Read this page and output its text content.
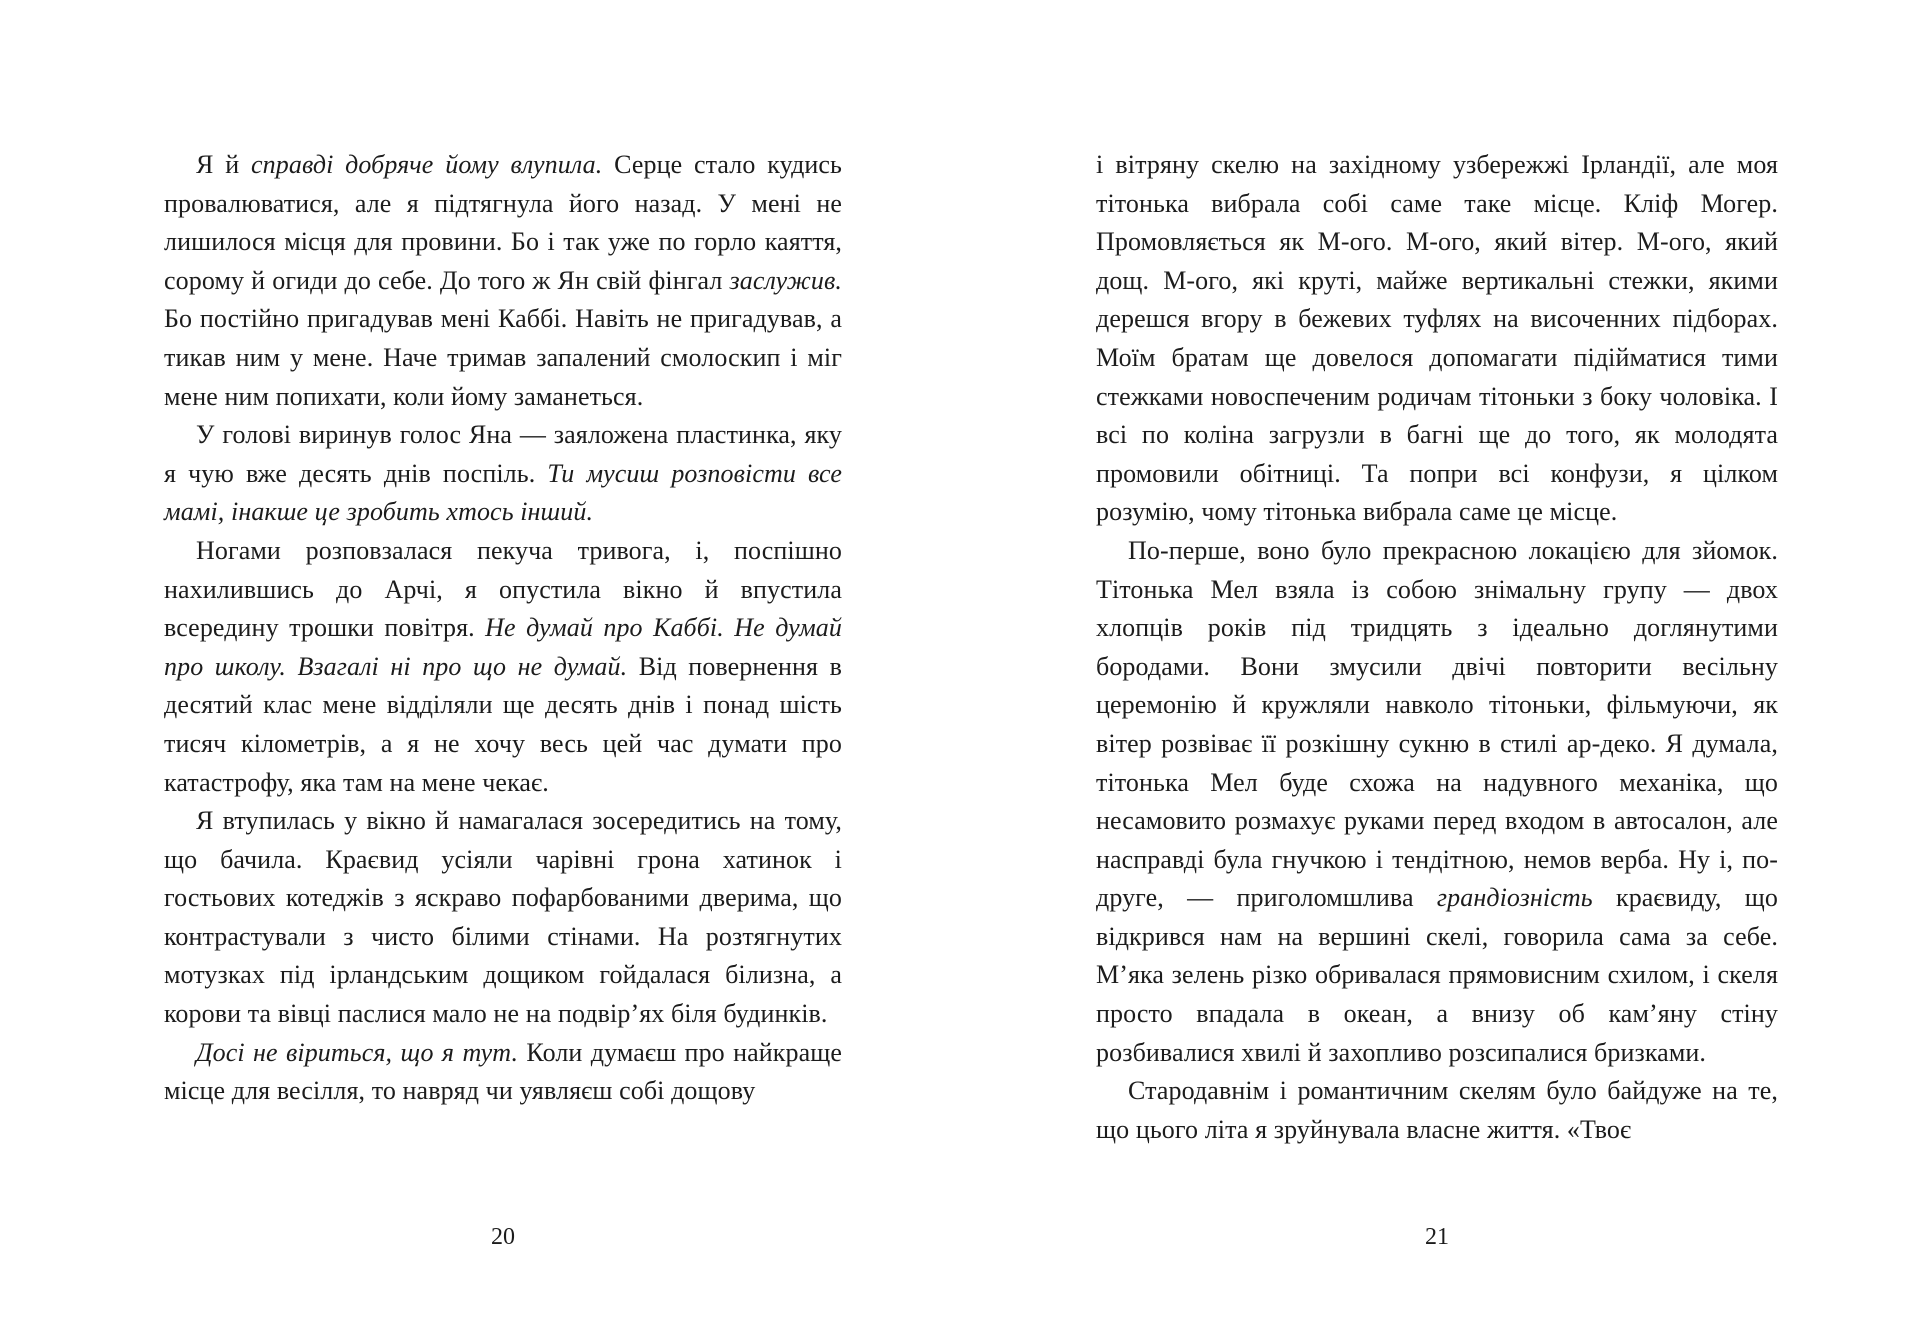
Я й справді добряче йому влупила. Серце стало кудись провалюватися, але я підтягнула його назад. У мені не лишилося місця для провини. Бо і так уже по горло каяття, сорому й огиди до себе. До того ж Ян свій фінгал заслужив. Бо постійно пригадував мені Каббі. Навіть не пригадував, а тикав ним у мене. Наче тримав запалений смолоскип і міг мене ним попихати, коли йому заманеться.

У голові виринув голос Яна — заяложена пластинка, яку я чую вже десять днів поспіль. Ти мусиш розповісти все мамі, інакше це зробить хтось інший.

Ногами розповзалася пекуча тривога, і, поспішно нахилившись до Арчі, я опустила вікно й впустила всередину трошки повітря. Не думай про Каббі. Не думай про школу. Взагалі ні про що не думай. Від повернення в десятий клас мене відділяли ще десять днів і понад шість тисяч кілометрів, а я не хочу весь цей час думати про катастрофу, яка там на мене чекає.

Я втупилась у вікно й намагалася зосередитись на тому, що бачила. Краєвид усіяли чарівні грона хатинок і гостьових котеджів з яскраво пофарбованими дверима, що контрастували з чисто білими стінами. На розтягнутих мотузках під ірландським дощиком гойдалася білизна, а корови та вівці паслися мало не на подвір’ях біля будинків.

Досі не віриться, що я тут. Коли думаєш про найкраще місце для весілля, то навряд чи уявляєш собі дощову

20

і вітряну скелю на західному узбережжі Ірландії, але моя тітонька вибрала собі саме таке місце. Кліф Могер. Промовляється як М-ого. М-ого, який вітер. М-ого, який дощ. М-ого, які круті, майже вертикальні стежки, якими дерешся вгору в бежевих туфлях на височенних підборах. Моїм братам ще довелося допомагати підійматися тими стежками новоспеченим родичам тітоньки з боку чоловіка. І всі по коліна загрузли в багні ще до того, як молодята промовили обітниці. Та попри всі конфузи, я цілком розумію, чому тітонька вибрала саме це місце.

По-перше, воно було прекрасною локацією для зйомок. Тітонька Мел взяла із собою знімальну групу — двох хлопців років під тридцять з ідеально доглянутими бородами. Вони змусили двічі повторити весільну церемонію й кружляли навколо тітоньки, фільмуючи, як вітер розвіває її розкішну сукню в стилі ар-деко. Я думала, тітонька Мел буде схожа на надувного механіка, що несамовито розмахує руками перед входом в автосалон, але насправді була гнучкою і тендітною, немов верба. Ну і, по-друге, — приголомшлива грандіозність краєвиду, що відкрився нам на вершині скелі, говорила сама за себе. М’яка зелень різко обривалася прямовисним схилом, і скеля просто впадала в океан, а внизу об кам’яну стіну розбивалися хвилі й захопливо розсипалися бризками.

Стародавнім і романтичним скелям було байдуже на те, що цього літа я зруйнувала власне життя. «Твоє

21
